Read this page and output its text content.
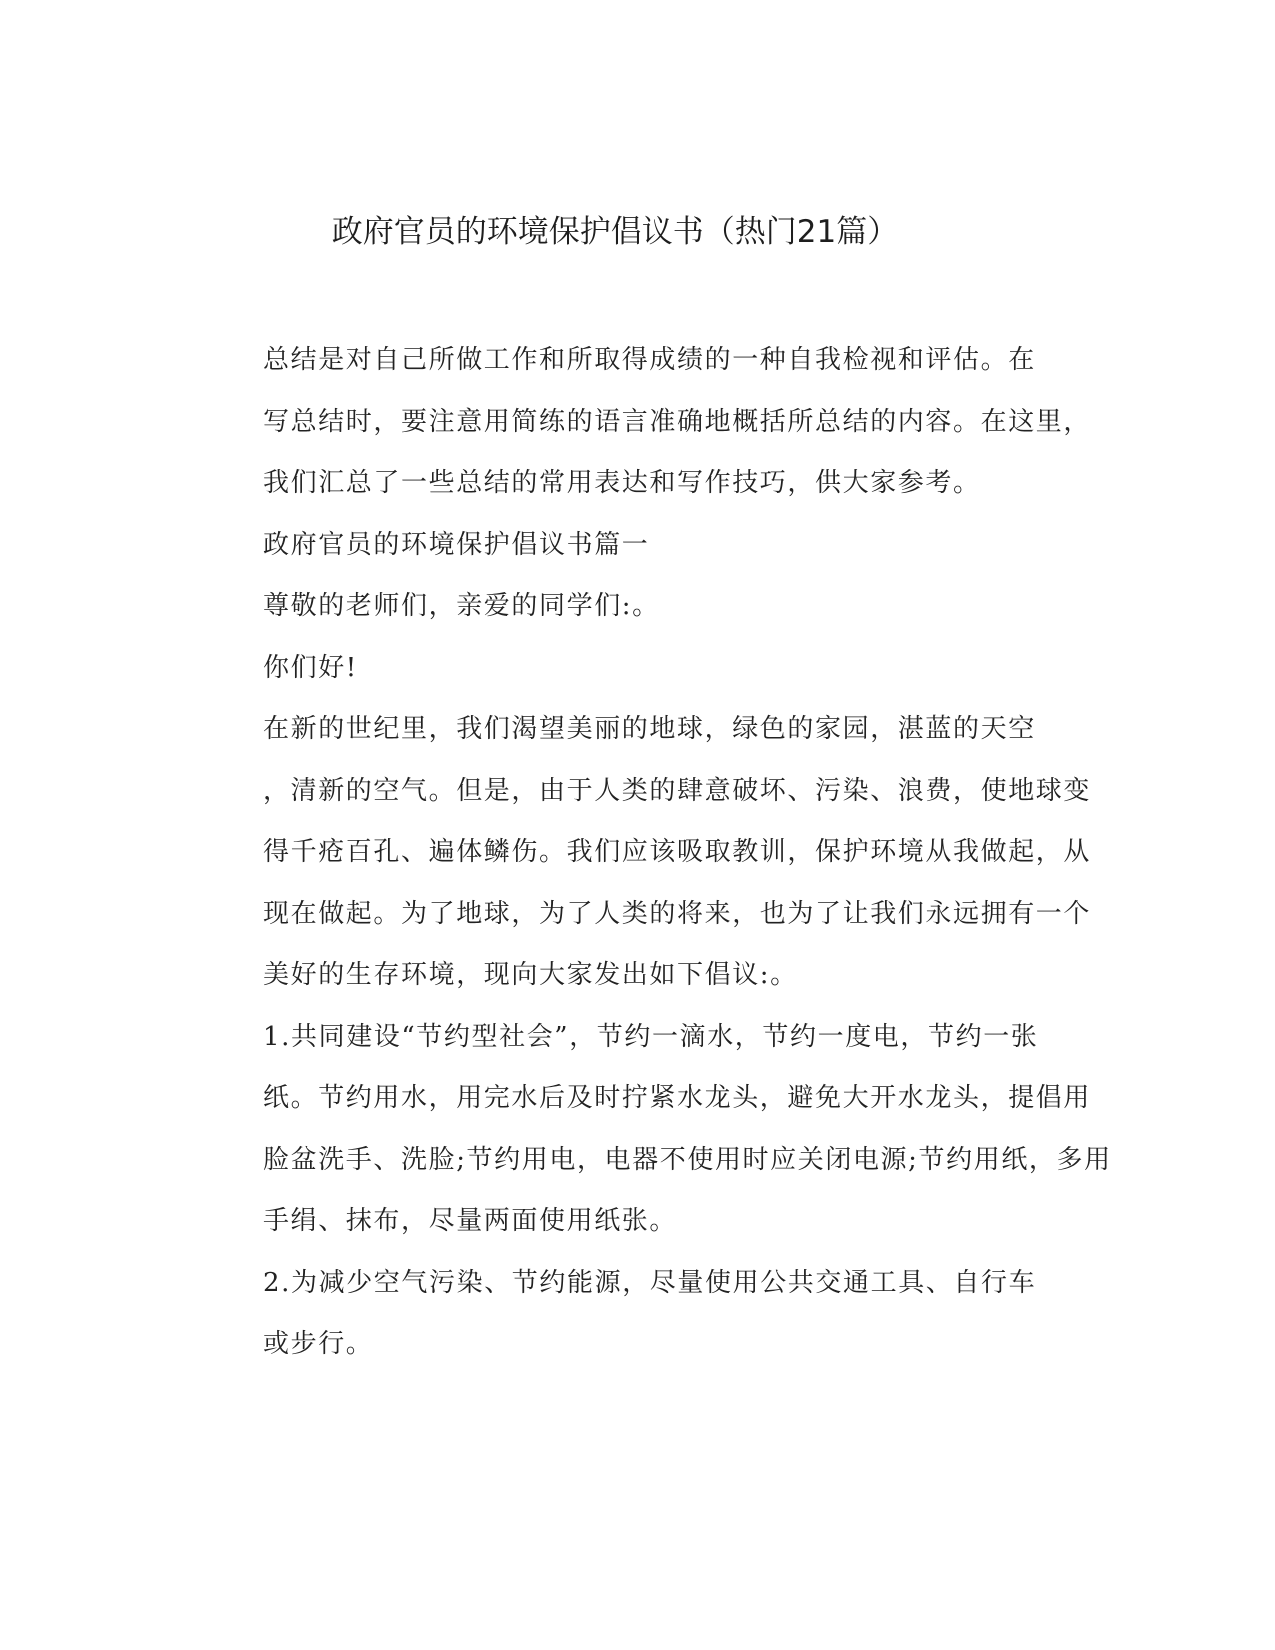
政府官员的环境保护倡议书（热门21篇）

总结是对自己所做工作和所取得成绩的一种自我检视和评估。在
写总结时，要注意用简练的语言准确地概括所总结的内容。在这里，
我们汇总了一些总结的常用表达和写作技巧，供大家参考。

政府官员的环境保护倡议书篇一

尊敬的老师们，亲爱的同学们:。

你们好!

在新的世纪里，我们渴望美丽的地球，绿色的家园，湛蓝的天空
，清新的空气。但是，由于人类的肆意破坏、污染、浪费，使地球变
得千疮百孔、遍体鳞伤。我们应该吸取教训，保护环境从我做起，从
现在做起。为了地球，为了人类的将来，也为了让我们永远拥有一个
美好的生存环境，现向大家发出如下倡议:。

1.共同建设“节约型社会”，节约一滴水，节约一度电，节约一张
纸。节约用水，用完水后及时拧紧水龙头，避免大开水龙头，提倡用
脸盆洗手、洗脸;节约用电，电器不使用时应关闭电源;节约用纸，多用
手绢、抹布，尽量两面使用纸张。

2.为减少空气污染、节约能源，尽量使用公共交通工具、自行车
或步行。
